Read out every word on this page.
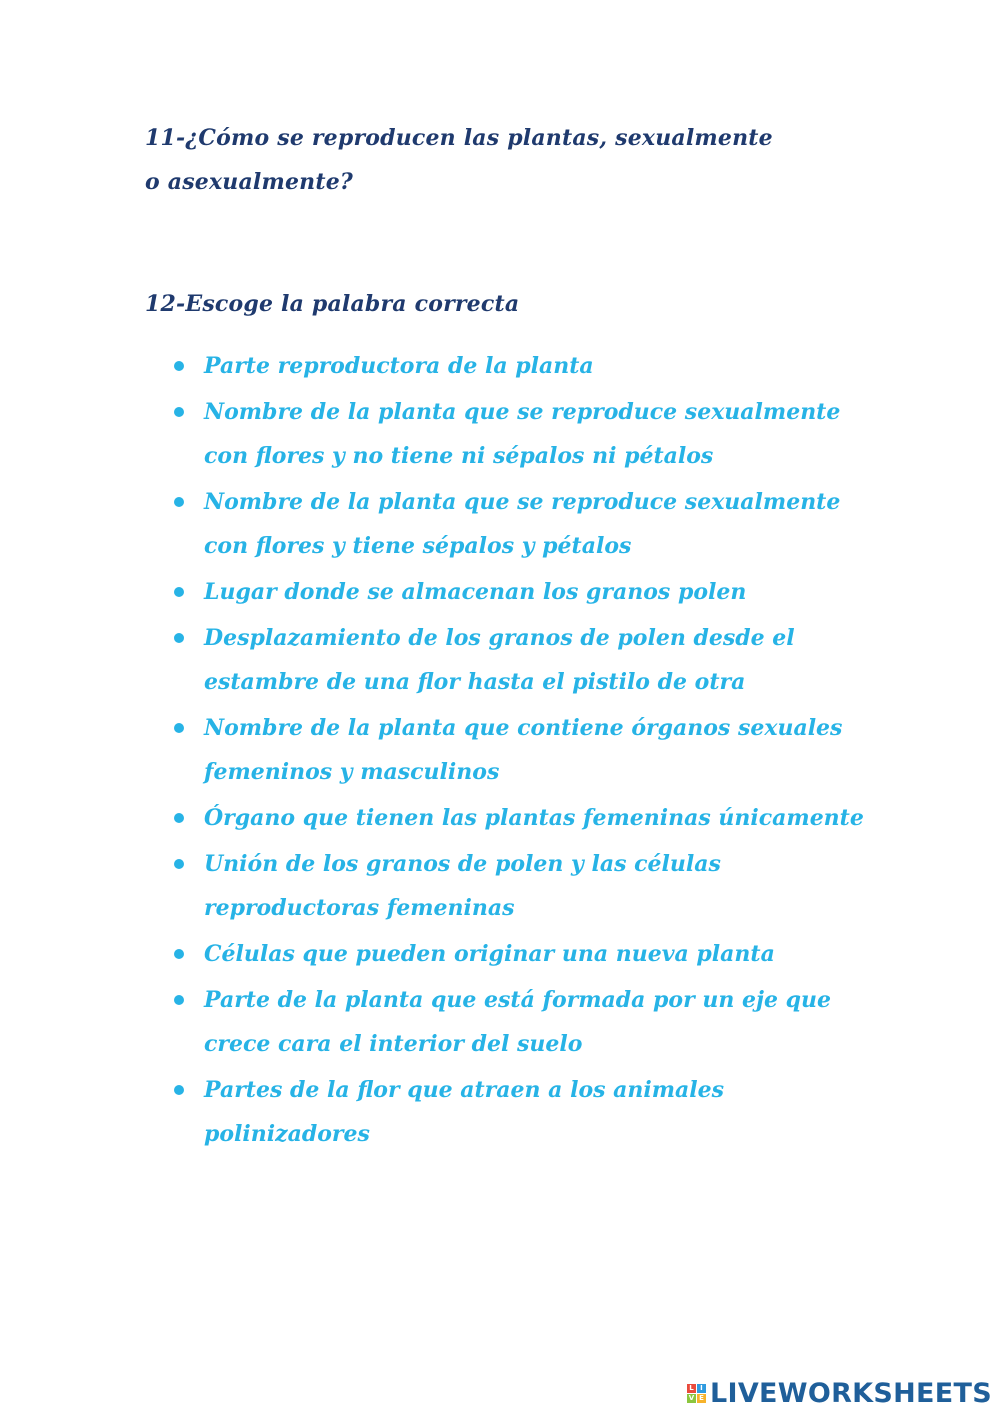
11-¿Cómo se reproducen las plantas, sexualmente o asexualmente?
12-Escoge la palabra correcta
Parte reproductora de la planta
Nombre de la planta que se reproduce sexualmente con flores y no tiene ni sépalos ni pétalos
Nombre de la planta que se reproduce sexualmente con flores y tiene sépalos y pétalos
Lugar donde se almacenan los granos polen
Desplazamiento de los granos de polen desde el estambre de una flor hasta el pistilo de otra
Nombre de la planta que contiene órganos sexuales femeninos y masculinos
Órgano que tienen las plantas femeninas únicamente
Unión de los granos de polen y las células reproductoras femeninas
Células que pueden originar una nueva planta
Parte de la planta que está formada por un eje que crece cara el interior del suelo
Partes de la flor que atraen a los animales polinizadores
L I
V E LIVEWORKSHEETS
